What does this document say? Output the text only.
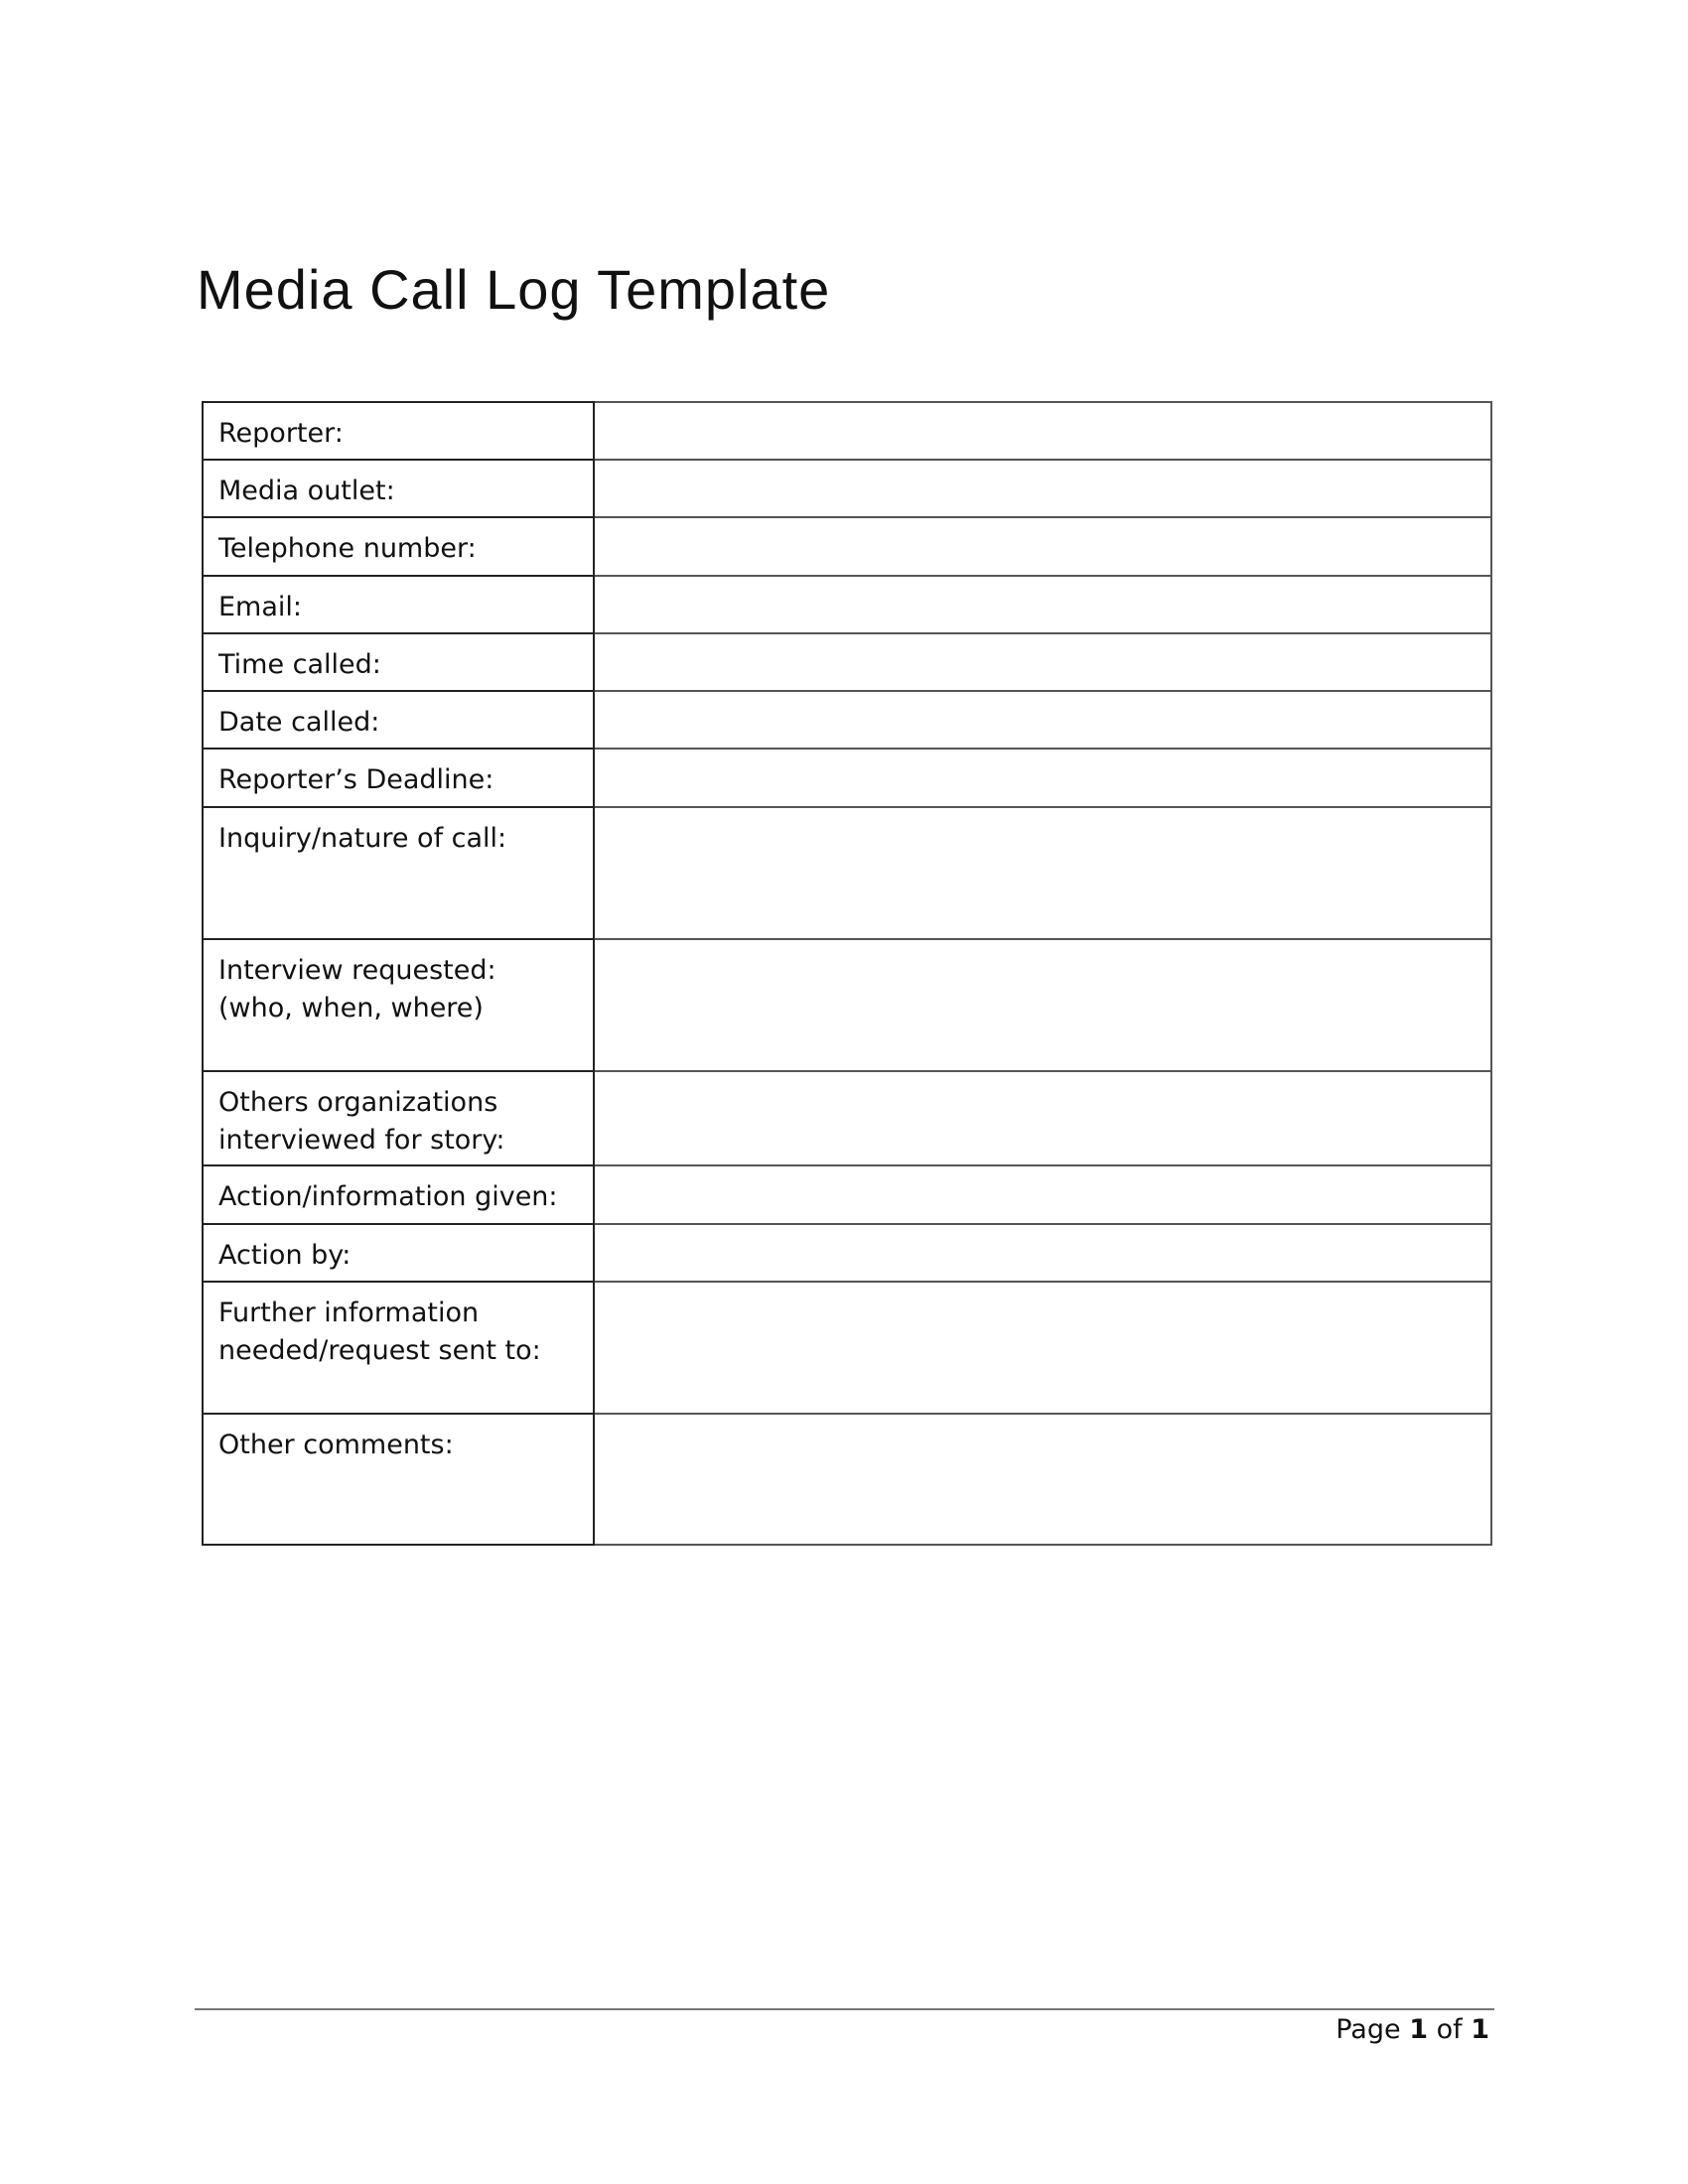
Media Call Log Template
Reporter:	
Media outlet:	
Telephone number:	
Email:	
Time called:	
Date called:	
Reporter’s Deadline:	
Inquiry/nature of call:	
Interview requested:
(who, when, where)	
Others organizations
interviewed for story:	
Action/information given:	
Action by:	
Further information
needed/request sent to:	
Other comments:	
Page 1 of 1
